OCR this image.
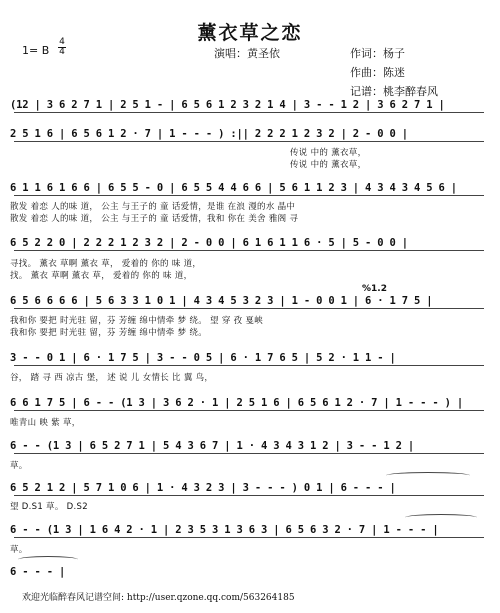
薰衣草之恋
1= B
4
4	演唱：黄圣依	作词：杨子
作曲：陈迷
记谱：桃李醉春风
(12 | 3 6 2 7 1 | 2 5 1 - | 6 5 6 1 2 3 2 1 4 | 3 - - 1 2 | 3 6 2 7 1 |
2 5 1 6 | 6 5 6 1 2 · 7 | 1 - - - ) :|| 2 2 2 1 2 3 2 | 2 - 0 0 |
传说 中的 薰衣草，
传说 中的 薰衣草，
6 1 1 6 1 6 6 | 6 5 5 - 0 | 6 5 5 4 4 6 6 | 5 6 1 1 2 3 | 4 3 4 3 4 5 6 |
散发 着恋 人的味 道， 公主 与王子的 童 话爱情，是谁 在浪 漫的水 晶中
散发 着恋 人的味 道， 公主 与王子的 童 话爱情，我和 你在 美舍 雅阁 寻
6 5 2 2 0 | 2 2 2 1 2 3 2 | 2 - 0 0 | 6 1 6 1 1 6 · 5 | 5 - 0 0 |
寻找。 薰衣 草啊 薰衣 草， 爱着的 你的 味 道，
找。 薰衣 草啊 薰衣 草， 爱着的 你的 味 道，
%1.2
6 5 6 6 6 6 | 5 6 3 3 1 0 1 | 4 3 4 5 3 2 3 | 1 - 0 0 1 | 6 · 1 7 5 |
我和你 要把 时光驻 留，芬 芳缠 绵中情牵 梦 绕。 望 穿 孜 戛峡
我和你 要把 时光驻 留，芬 芳缠 绵中情牵 梦 绕。
3 - - 0 1 | 6 · 1 7 5 | 3 - - 0 5 | 6 · 1 7 6 5 | 5 2 · 1 1 - |
谷， 踏 寻 西 凉古 堡， 述 说 儿 女情长 比 翼 鸟，
6 6 1 7 5 | 6 - - (1 3 | 3 6 2 · 1 | 2 5 1 6 | 6 5 6 1 2 · 7 | 1 - - - ) |
唯青山 映 紫 草，
6 - - (1 3 | 6 5 2 7 1 | 5 4 3 6 7 | 1 · 4 3 4 3 1 2 | 3 - - 1 2 |
草。
6 5 2 1 2 | 5 7 1 0 6 | 1 · 4 3 2 3 | 3 - - - ) 0 1 | 6 - - - |
望 D.S1 草。 D.S2
6 - - (1 3 | 1 6 4 2 · 1 | 2 3 5 3 1 3 6 3 | 6 5 6 3 2 · 7 | 1 - - - |
草。
6 - - - |
欢迎光临醉春风记谱空间: http://user.qzone.qq.com/563264185
